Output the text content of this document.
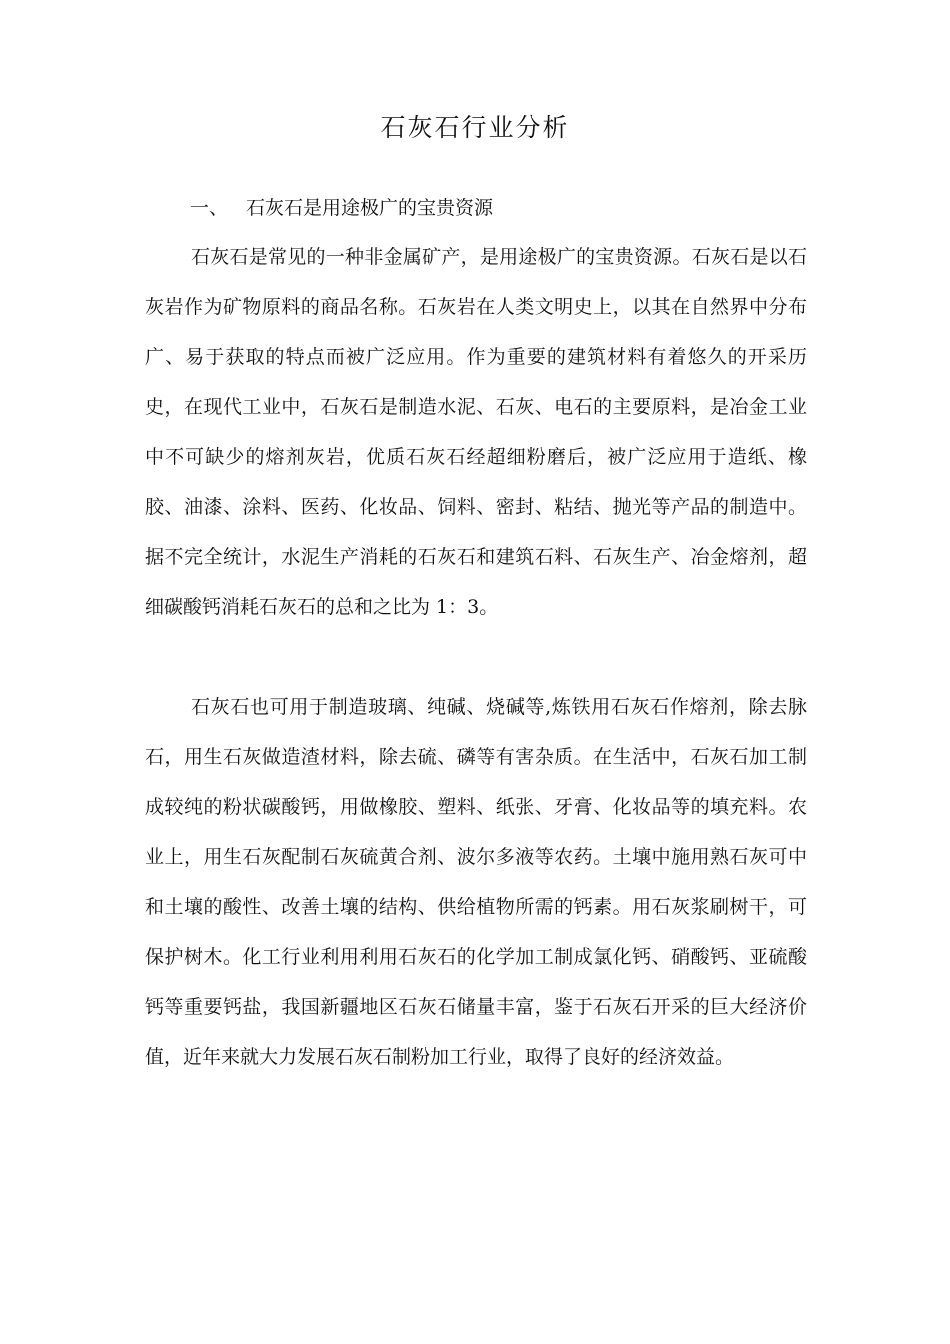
石灰石行业分析
一、 石灰石是用途极广的宝贵资源

石灰石是常见的一种非金属矿产，是用途极广的宝贵资源。石灰石是以石灰岩作为矿物原料的商品名称。石灰岩在人类文明史上，以其在自然界中分布广、易于获取的特点而被广泛应用。作为重要的建筑材料有着悠久的开采历史，在现代工业中，石灰石是制造水泥、石灰、电石的主要原料，是冶金工业中不可缺少的熔剂灰岩，优质石灰石经超细粉磨后，被广泛应用于造纸、橡胶、油漆、涂料、医药、化妆品、饲料、密封、粘结、抛光等产品的制造中。据不完全统计，水泥生产消耗的石灰石和建筑石料、石灰生产、冶金熔剂，超细碳酸钙消耗石灰石的总和之比为 1：3。

石灰石也可用于制造玻璃、纯碱、烧碱等,炼铁用石灰石作熔剂，除去脉石，用生石灰做造渣材料，除去硫、磷等有害杂质。在生活中，石灰石加工制成较纯的粉状碳酸钙，用做橡胶、塑料、纸张、牙膏、化妆品等的填充料。农业上，用生石灰配制石灰硫黄合剂、波尔多液等农药。土壤中施用熟石灰可中和土壤的酸性、改善土壤的结构、供给植物所需的钙素。用石灰浆刷树干，可保护树木。化工行业利用利用石灰石的化学加工制成氯化钙、硝酸钙、亚硫酸钙等重要钙盐，我国新疆地区石灰石储量丰富，鉴于石灰石开采的巨大经济价值，近年来就大力发展石灰石制粉加工行业，取得了良好的经济效益。
